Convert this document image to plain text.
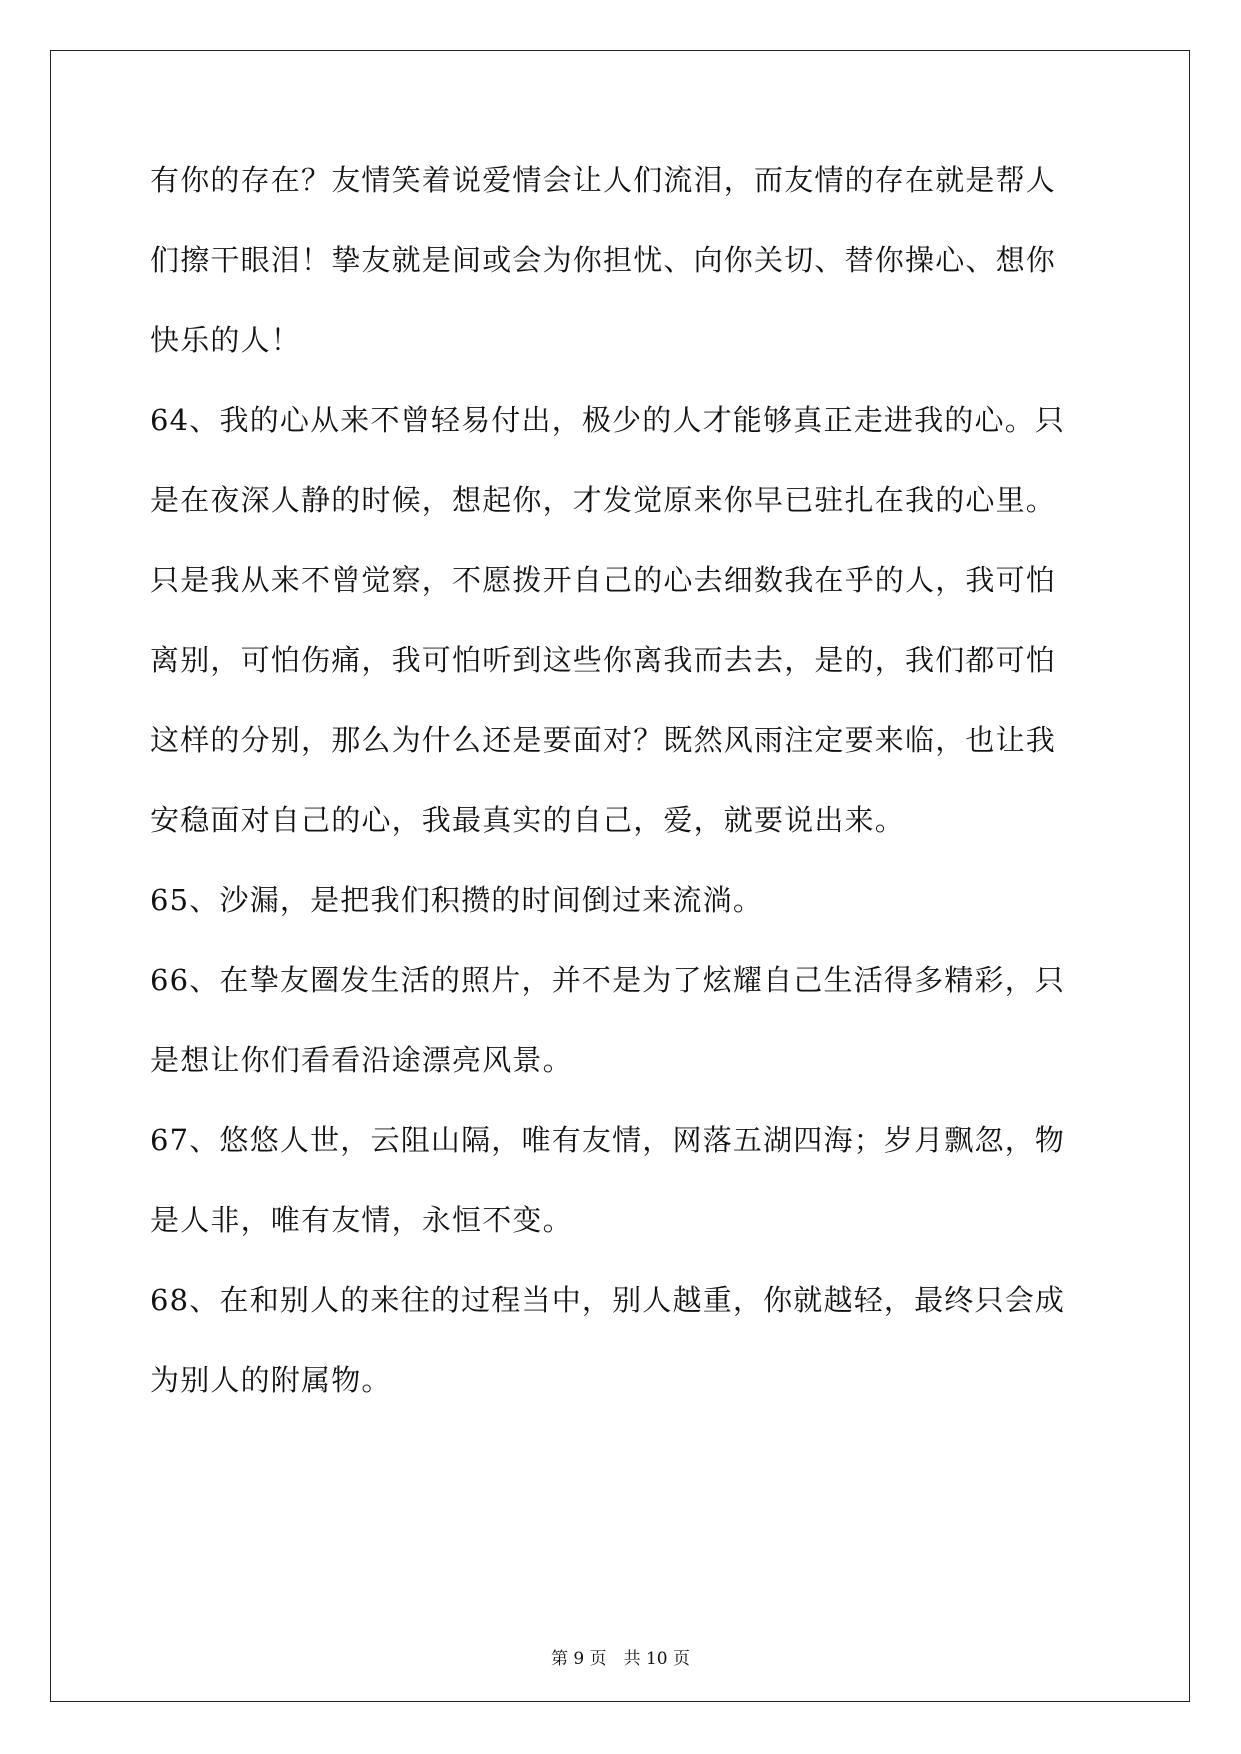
有你的存在？友情笑着说爱情会让人们流泪，而友情的存在就是帮人
们擦干眼泪！挚友就是间或会为你担忧、向你关切、替你操心、想你
快乐的人！
64、我的心从来不曾轻易付出，极少的人才能够真正走进我的心。只
是在夜深人静的时候，想起你，才发觉原来你早已驻扎在我的心里。
只是我从来不曾觉察，不愿拨开自己的心去细数我在乎的人，我可怕
离别，可怕伤痛，我可怕听到这些你离我而去去，是的，我们都可怕
这样的分别，那么为什么还是要面对？既然风雨注定要来临，也让我
安稳面对自己的心，我最真实的自己，爱，就要说出来。
65、沙漏，是把我们积攒的时间倒过来流淌。
66、在挚友圈发生活的照片，并不是为了炫耀自己生活得多精彩，只
是想让你们看看沿途漂亮风景。
67、悠悠人世，云阻山隔，唯有友情，网落五湖四海；岁月飘忽，物
是人非，唯有友情，永恒不变。
68、在和别人的来往的过程当中，别人越重，你就越轻，最终只会成
为别人的附属物。
第 9 页　共 10 页
